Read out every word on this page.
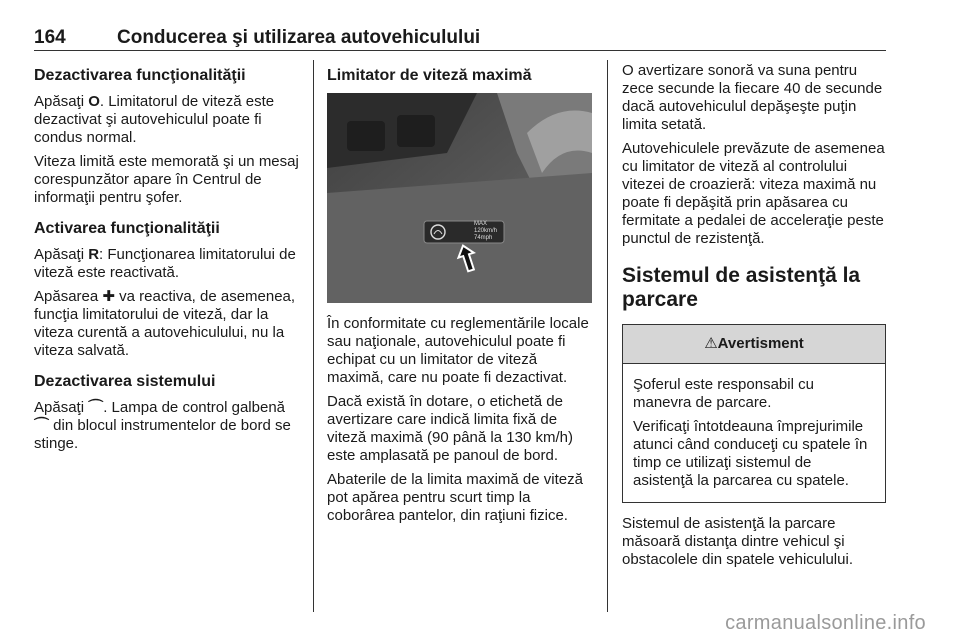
164	Conducerea şi utilizarea autovehiculului
Dezactivarea funcţionalităţii

Apăsaţi O. Limitatorul de viteză este dezactivat şi autovehiculul poate fi condus normal.

Viteza limită este memorată şi un mesaj corespunzător apare în Centrul de informaţii pentru şofer.

Activarea funcţionalităţii

Apăsaţi R: Funcţionarea limitatorului de viteză este reactivată.

Apăsarea ✚ va reactiva, de asemenea, funcţia limitatorului de viteză, dar la viteza curentă a autovehiculului, nu la viteza salvată.

Dezactivarea sistemului

Apăsaţi ⌒. Lampa de control galbenă ⌒ din blocul instrumentelor de bord se stinge.

Limitator de viteză maximă
MAX
120km/h
74mph

În conformitate cu reglementările locale sau naţionale, autovehiculul poate fi echipat cu un limitator de viteză maximă, care nu poate fi dezactivat.

Dacă există în dotare, o etichetă de avertizare care indică limita fixă de viteză maximă (90 până la 130 km/h) este amplasată pe panoul de bord.

Abaterile de la limita maximă de viteză pot apărea pentru scurt timp la coborârea pantelor, din raţiuni fizice.

O avertizare sonoră va suna pentru zece secunde la fiecare 40 de secunde dacă autovehiculul depăşeşte puţin limita setată.

Autovehiculele prevăzute de asemenea cu limitator de viteză al controlului vitezei de croazieră: viteza maximă nu poate fi depăşită prin apăsarea cu fermitate a pedalei de acceleraţie peste punctul de rezistenţă.

Sistemul de asistenţă la parcare
⚠Avertisment

Şoferul este responsabil cu manevra de parcare.

Verificaţi întotdeauna împrejurimile atunci când conduceţi cu spatele în timp ce utilizaţi sistemul de asistenţă la parcarea cu spatele.

Sistemul de asistenţă la parcare măsoară distanţa dintre vehicul şi obstacolele din spatele vehiculului.

carmanualsonline.info
